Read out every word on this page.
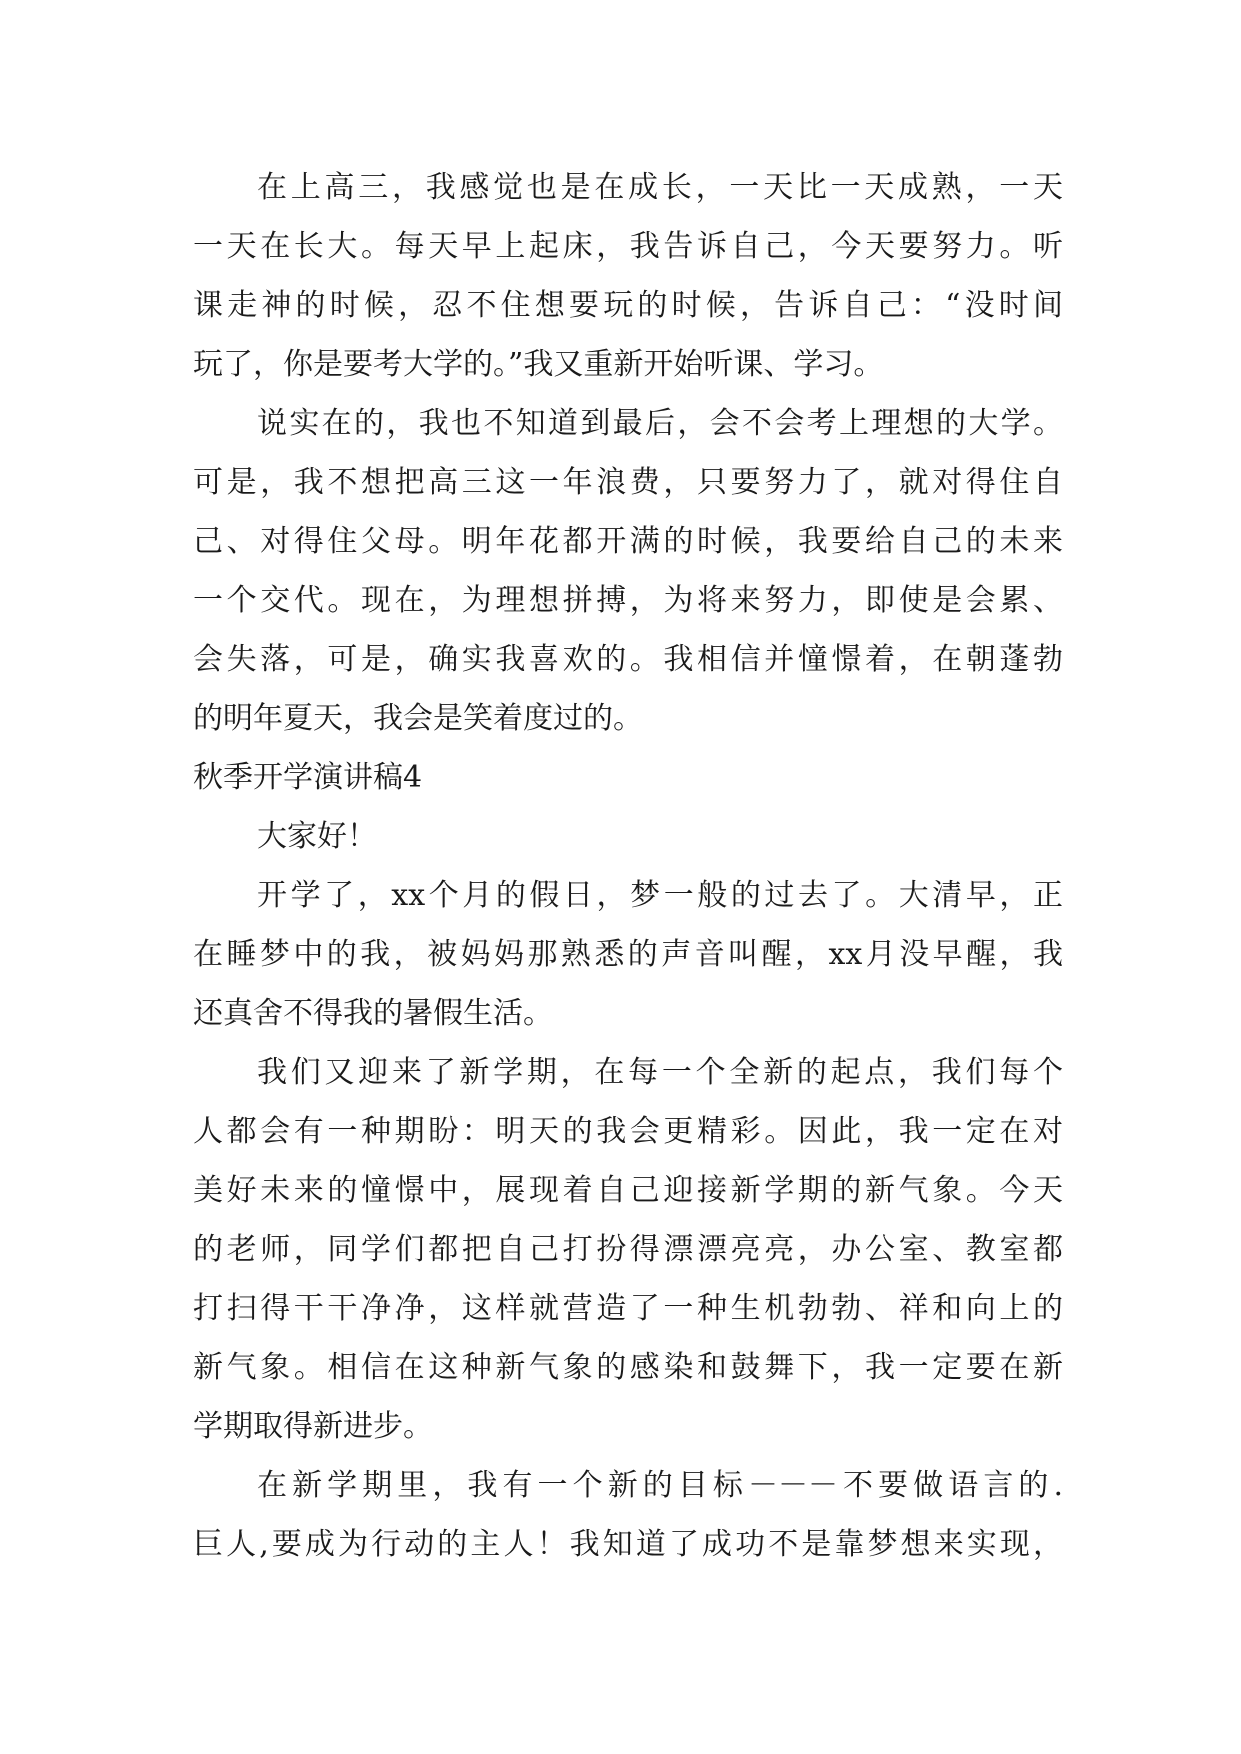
在上高三，我感觉也是在成长，一天比一天成熟，一天
一天在长大。每天早上起床，我告诉自己，今天要努力。听
课走神的时候，忍不住想要玩的时候，告诉自己：“没时间
玩了，你是要考大学的。”我又重新开始听课、学习。
说实在的，我也不知道到最后，会不会考上理想的大学。
可是，我不想把高三这一年浪费，只要努力了，就对得住自
己、对得住父母。明年花都开满的时候，我要给自己的未来
一个交代。现在，为理想拼搏，为将来努力，即使是会累、
会失落，可是，确实我喜欢的。我相信并憧憬着，在朝蓬勃
的明年夏天，我会是笑着度过的。
秋季开学演讲稿4
大家好！
开学了，xx个月的假日，梦一般的过去了。大清早，正
在睡梦中的我，被妈妈那熟悉的声音叫醒，xx月没早醒，我
还真舍不得我的暑假生活。
我们又迎来了新学期，在每一个全新的起点，我们每个
人都会有一种期盼：明天的我会更精彩。因此，我一定在对
美好未来的憧憬中，展现着自己迎接新学期的新气象。今天
的老师，同学们都把自己打扮得漂漂亮亮，办公室、教室都
打扫得干干净净，这样就营造了一种生机勃勃、祥和向上的
新气象。相信在这种新气象的感染和鼓舞下，我一定要在新
学期取得新进步。
在新学期里，我有一个新的目标－－－不要做语言的.
巨人,要成为行动的主人！我知道了成功不是靠梦想来实现，
